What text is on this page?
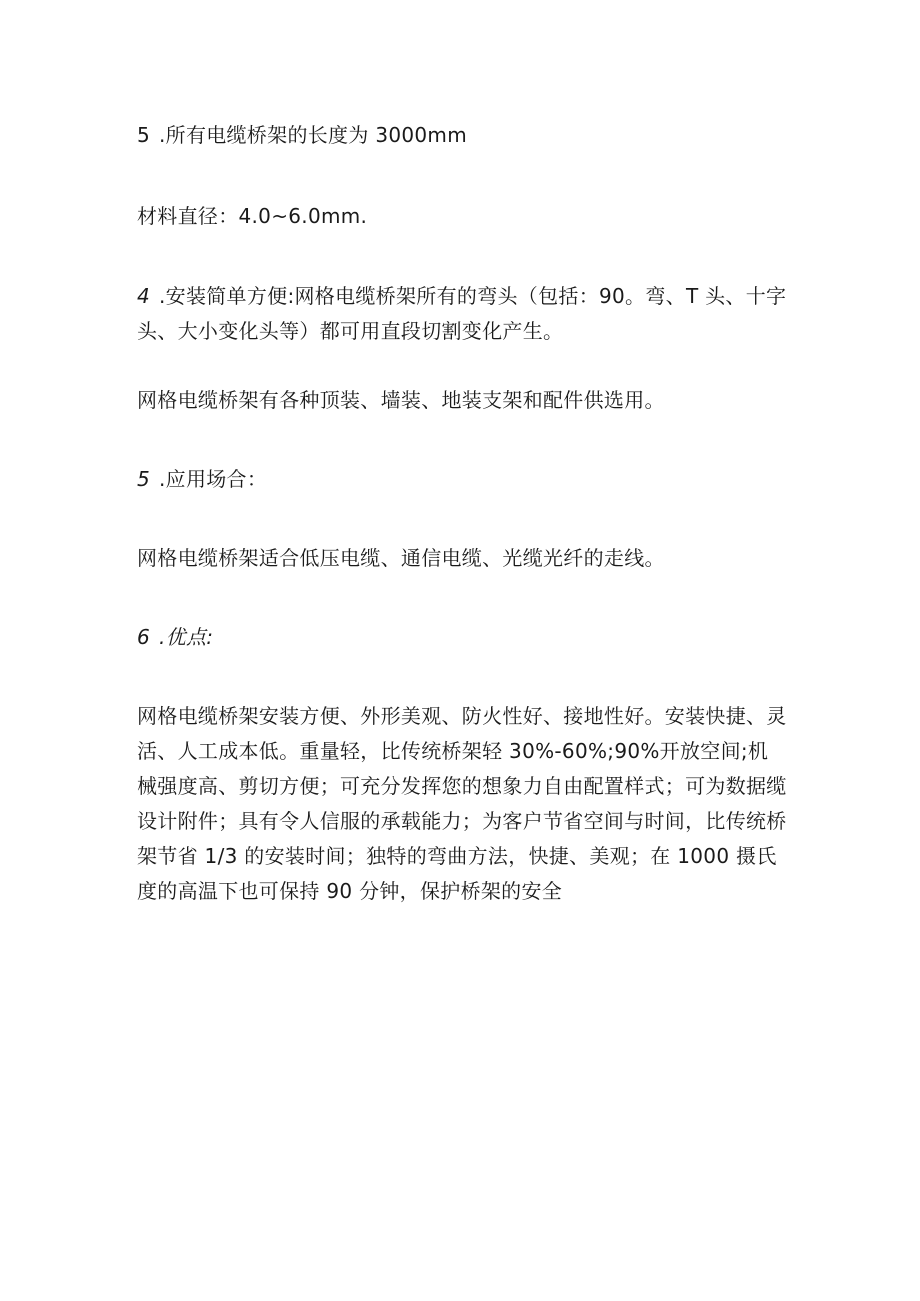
5 .所有电缆桥架的长度为 3000mm

材料直径：4.0~6.0mm.

4 .安装简单方便:网格电缆桥架所有的弯头（包括：90。弯、T 头、十字头、大小变化头等）都可用直段切割变化产生。

网格电缆桥架有各种顶装、墙装、地装支架和配件供选用。

5 .应用场合：

网格电缆桥架适合低压电缆、通信电缆、光缆光纤的走线。

6 .优点:

网格电缆桥架安装方便、外形美观、防火性好、接地性好。安装快捷、灵活、人工成本低。重量轻，比传统桥架轻 30%-60%;90%开放空间;机械强度高、剪切方便；可充分发挥您的想象力自由配置样式；可为数据缆设计附件；具有令人信服的承载能力；为客户节省空间与时间，比传统桥架节省 1/3 的安装时间；独特的弯曲方法，快捷、美观；在 1000 摄氏度的高温下也可保持 90 分钟，保护桥架的安全
